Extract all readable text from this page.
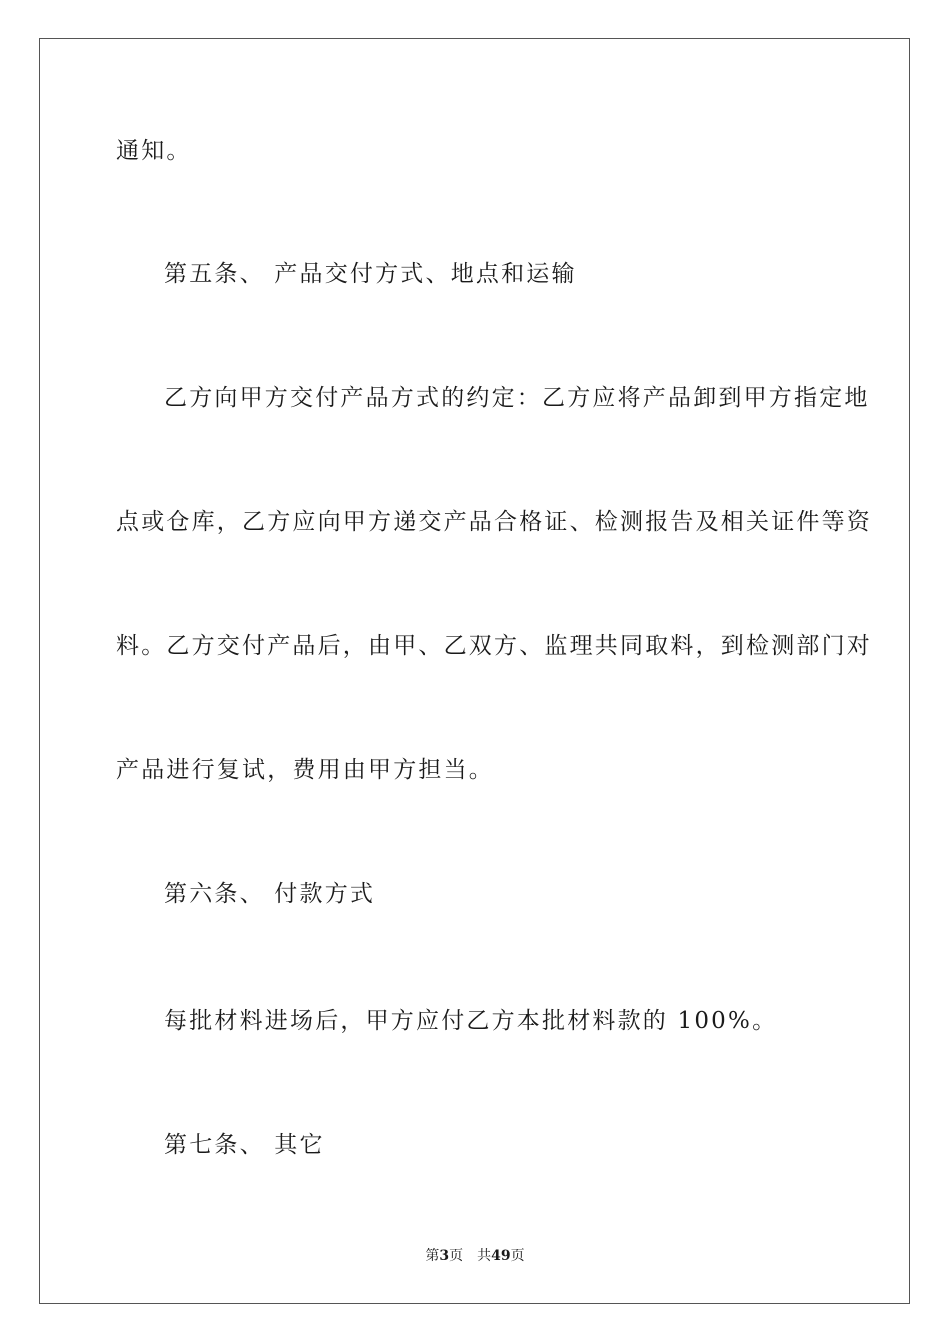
通知。
第五条、 产品交付方式、地点和运输
乙方向甲方交付产品方式的约定：乙方应将产品卸到甲方指定地
点或仓库，乙方应向甲方递交产品合格证、检测报告及相关证件等资
料。乙方交付产品后，由甲、乙双方、监理共同取料，到检测部门对
产品进行复试，费用由甲方担当。
第六条、 付款方式
每批材料进场后，甲方应付乙方本批材料款的 100%。
第七条、 其它
第3页 共49页
